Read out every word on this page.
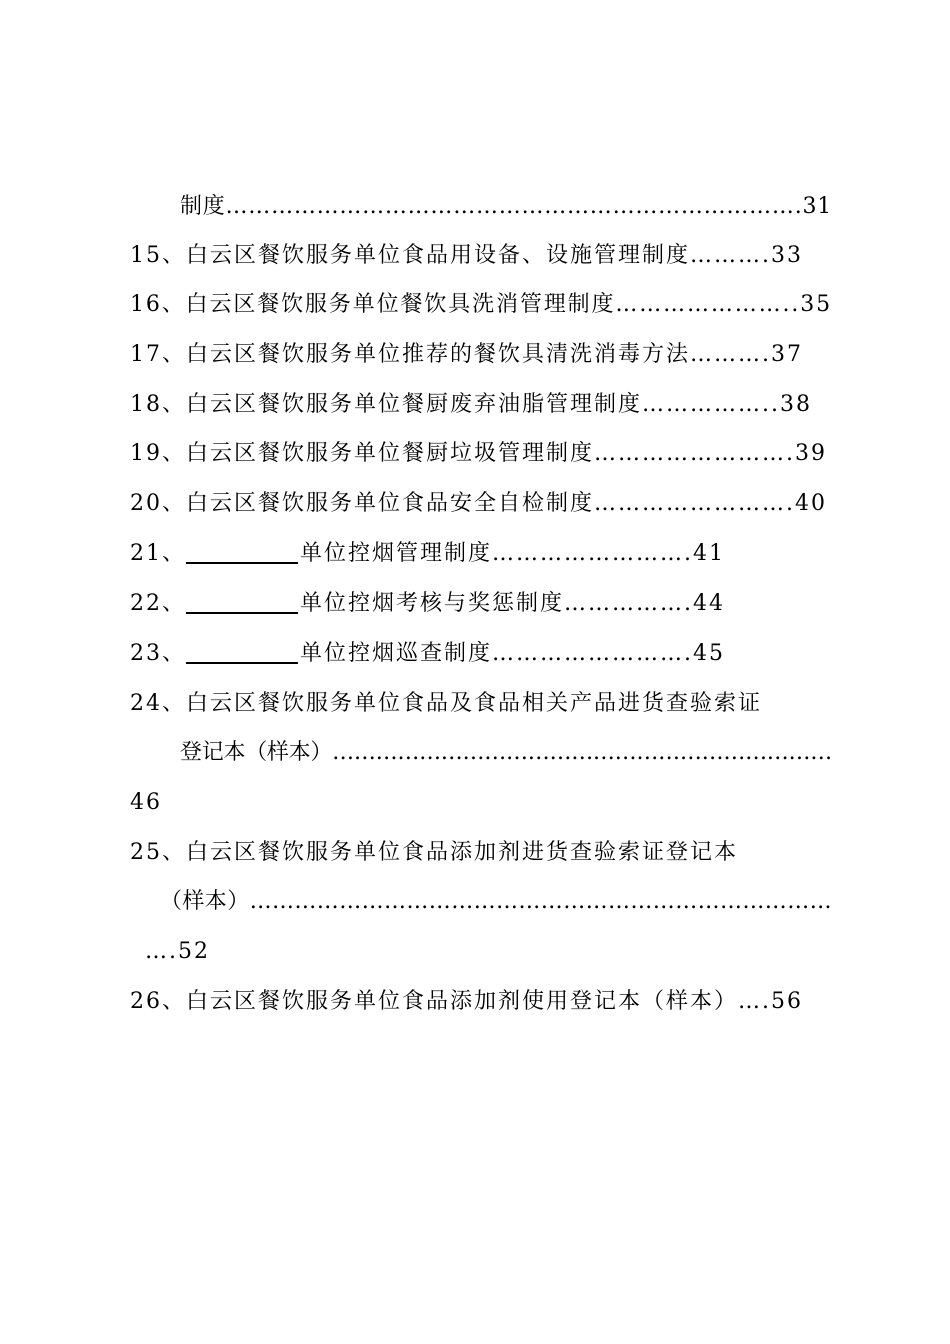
制度………………………………………………………………….31
15、白云区餐饮服务单位食品用设备、设施管理制度……….33
16、白云区餐饮服务单位餐饮具洗消管理制度…………………..35
17、白云区餐饮服务单位推荐的餐饮具清洗消毒方法……….37
18、白云区餐饮服务单位餐厨废弃油脂管理制度……………..38
19、白云区餐饮服务单位餐厨垃圾管理制度…………………….39
20、白云区餐饮服务单位食品安全自检制度…………………….40
21、	单位控烟管理制度…………………….41
22、	单位控烟考核与奖惩制度…………….44
23、	单位控烟巡查制度…………………….45
24、白云区餐饮服务单位食品及食品相关产品进货查验索证
登记本（样本）……………………………………………………………
46
25、白云区餐饮服务单位食品添加剂进货查验索证登记本
（样本）……………………………………………………………………
….52
26、白云区餐饮服务单位食品添加剂使用登记本（样本）….56
